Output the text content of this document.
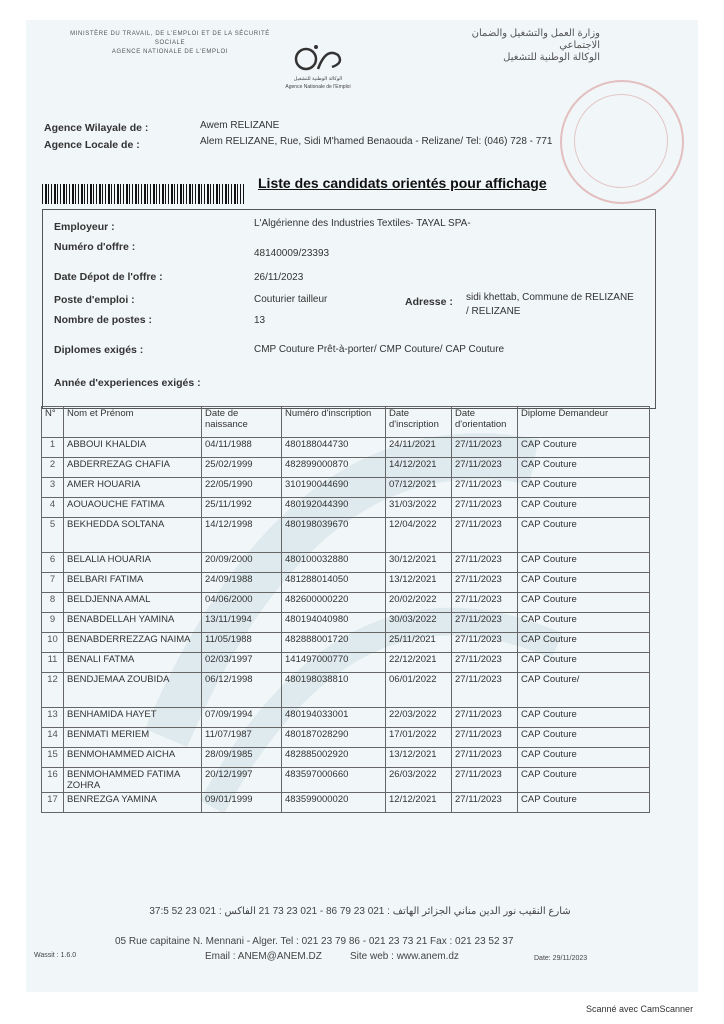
MINISTÈRE DU TRAVAIL, DE L'EMPLOI ET DE LA SÉCURITÉ SOCIALE
AGENCE NATIONALE DE L'EMPLOI
الوكالة الوطنية للتشغيل
Agence Nationale de l'Emploi
وزارة العمل والتشغيل والضمان الاجتماعي
الوكالة الوطنية للتشغيل
Agence Wilayale de :	Awem RELIZANE
Agence Locale de :	Alem RELIZANE, Rue, Sidi M'hamed Benaouda - Relizane/ Tel: (046) 728 - 771
Liste des candidats orientés pour affichage
Employeur :	L'Algérienne des Industries Textiles- TAYAL SPA-
Numéro d'offre :
48140009/23393
Date Dépot de l'offre :	26/11/2023
Poste d'emploi :	Couturier tailleur	Adresse : sidi khettab, Commune de RELIZANE
/ RELIZANE
Nombre de postes :	13
Diplomes exigés :	CMP Couture Prêt-à-porter/ CMP Couture/ CAP Couture
Année d'experiences exigés :
N°	Nom et Prénom	Date de naissance	Numéro d'inscription	Date d'inscription	Date d'orientation	Diplome Demandeur
1	ABBOUI KHALDIA	04/11/1988	480188044730	24/11/2021	27/11/2023	CAP Couture
2	ABDERREZAG CHAFIA	25/02/1999	482899000870	14/12/2021	27/11/2023	CAP Couture
3	AMER HOUARIA	22/05/1990	310190044690	07/12/2021	27/11/2023	CAP Couture
4	AOUAOUCHE FATIMA	25/11/1992	480192044390	31/03/2022	27/11/2023	CAP Couture
5	BEKHEDDA SOLTANA	14/12/1998	480198039670	12/04/2022	27/11/2023	CAP Couture
6	BELALIA HOUARIA	20/09/2000	480100032880	30/12/2021	27/11/2023	CAP Couture
7	BELBARI FATIMA	24/09/1988	481288014050	13/12/2021	27/11/2023	CAP Couture
8	BELDJENNA AMAL	04/06/2000	482600000220	20/02/2022	27/11/2023	CAP Couture
9	BENABDELLAH YAMINA	13/11/1994	480194040980	30/03/2022	27/11/2023	CAP Couture
10	BENABDERREZZAG NAIMA	11/05/1988	482888001720	25/11/2021	27/11/2023	CAP Couture
11	BENALI FATMA	02/03/1997	141497000770	22/12/2021	27/11/2023	CAP Couture
12	BENDJEMAA ZOUBIDA	06/12/1998	480198038810	06/01/2022	27/11/2023	CAP Couture/
13	BENHAMIDA HAYET	07/09/1994	480194033001	22/03/2022	27/11/2023	CAP Couture
14	BENMATI MERIEM	11/07/1987	480187028290	17/01/2022	27/11/2023	CAP Couture
15	BENMOHAMMED AICHA	28/09/1985	482885002920	13/12/2021	27/11/2023	CAP Couture
16	BENMOHAMMED FATIMA ZOHRA	20/12/1997	483597000660	26/03/2022	27/11/2023	CAP Couture
17	BENREZGA YAMINA	09/01/1999	483599000020	12/12/2021	27/11/2023	CAP Couture
شارع النقيب نور الدين مناني الجزائر الهاتف : 021 23 79 86 - 021 23 73 21 الفاكس : 021 23 52 37:5
05 Rue capitaine N. Mennani - Alger. Tel : 021 23 79 86 - 021 23 73 21 Fax : 021 23 52 37
Wassit : 1.6.0	Email : ANEM@ANEM.DZ	Site web : www.anem.dz	Date: 29/11/2023
Scanné avec CamScanner
